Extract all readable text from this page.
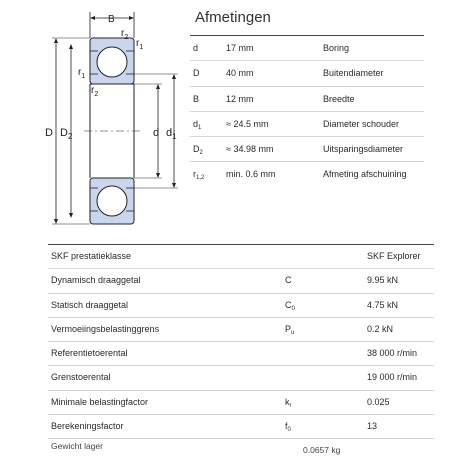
B
$r_2$
$r_1$
$r_1$
$r_2$
D $D_2$	d $d_1$
Afmetingen
d	17 mm	Boring
D	40 mm	Buitendiameter
B	12 mm	Breedte
$d_1$	≈ 24.5 mm	Diameter schouder
$D_2$	≈ 34.98 mm	Uitsparingsdiameter
$r_{1,2}$ min. 0.6 mm	Afmeting afschuining
SKF prestatieklasse	SKF Explorer
Dynamisch draaggetal	C	9.95 kN
Statisch draaggetal	$C_0$	4.75 kN
Vermoeiingsbelastinggrens	$P_u$	0.2 kN
Referentietoerental	38 000 r/min
Grenstoerental	19 000 r/min
Minimale belastingfactor	$k_r$	0.025
Berekeningsfactor	$f_0$	13
Gewicht lager	0.0657 kg
